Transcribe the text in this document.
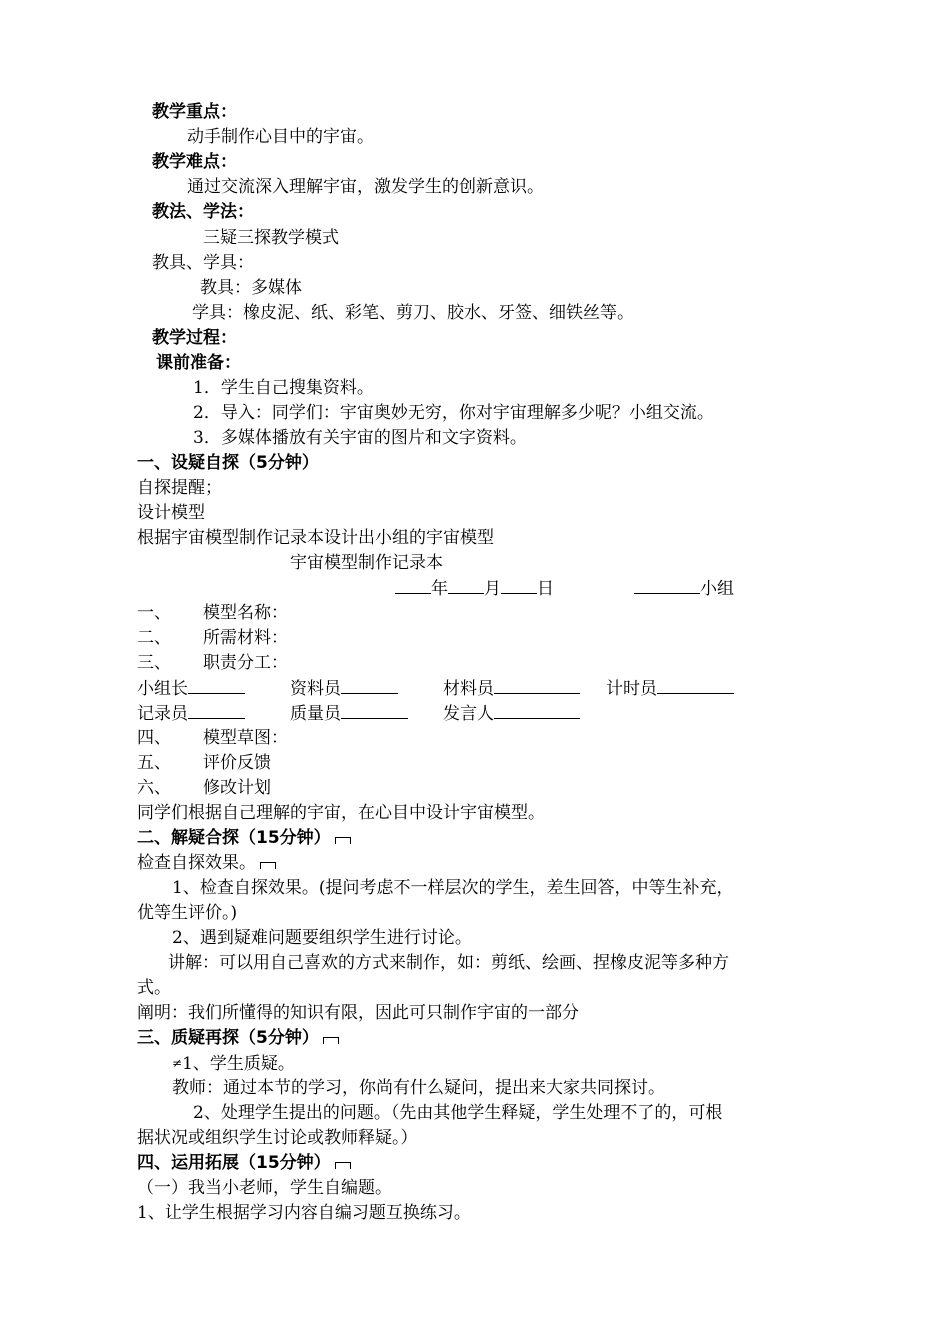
教学重点：
动手制作心目中的宇宙。
教学难点：
通过交流深入理解宇宙，激发学生的创新意识。
教法、学法：
三疑三探教学模式
教具、学具：
教具：多媒体
学具：橡皮泥、纸、彩笔、剪刀、胶水、牙签、细铁丝等。
教学过程：
课前准备：
1．学生自己搜集资料。
2．导入：同学们：宇宙奥妙无穷，你对宇宙理解多少呢？小组交流。
3．多媒体播放有关宇宙的图片和文字资料。
一、设疑自探（5分钟）
自探提醒；
设计模型
根据宇宙模型制作记录本设计出小组的宇宙模型
宇宙模型制作记录本
年 月 日	小组
一、 模型名称：
二、 所需材料：
三、 职责分工：
小组长	资料员	材料员	计时员
记录员	质量员	发言人
四、 模型草图：
五、 评价反馈
六、 修改计划
同学们根据自己理解的宇宙，在心目中设计宇宙模型。
二、解疑合探（15分钟）
检查自探效果。
1、检查自探效果。(提问考虑不一样层次的学生，差生回答，中等生补充，
优等生评价。)
2、遇到疑难问题要组织学生进行讨论。
讲解：可以用自己喜欢的方式来制作，如：剪纸、绘画、捏橡皮泥等多种方
式。
阐明：我们所懂得的知识有限，因此可只制作宇宙的一部分
三、质疑再探（5分钟）
≠1、学生质疑。
教师：通过本节的学习，你尚有什么疑问，提出来大家共同探讨。
2、处理学生提出的问题。（先由其他学生释疑，学生处理不了的，可根
据状况或组织学生讨论或教师释疑。）
四、运用拓展（15分钟）
（一）我当小老师，学生自编题。
1、让学生根据学习内容自编习题互换练习。
